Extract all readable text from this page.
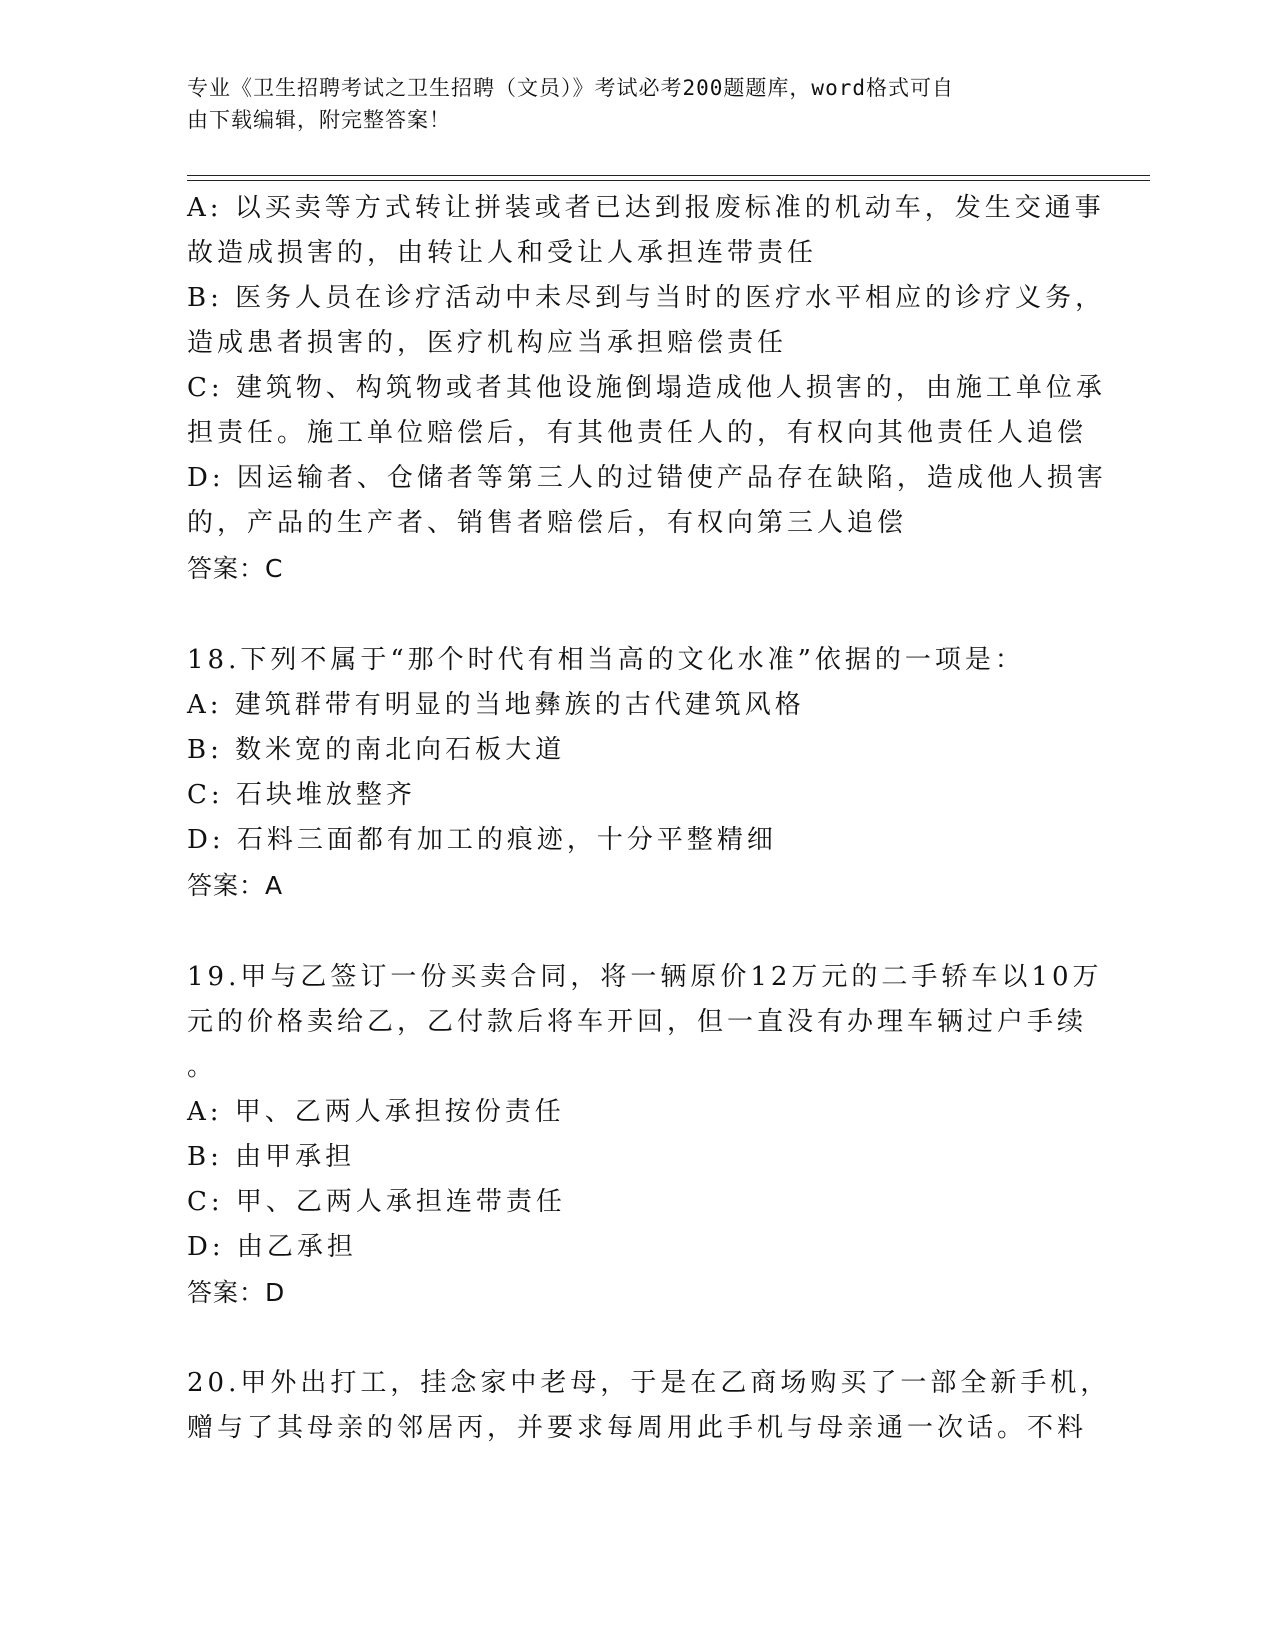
专业《卫生招聘考试之卫生招聘（文员）》考试必考200题题库，word格式可自
由下载编辑，附完整答案！
A: 以买卖等方式转让拼装或者已达到报废标准的机动车，发生交通事
故造成损害的，由转让人和受让人承担连带责任
B: 医务人员在诊疗活动中未尽到与当时的医疗水平相应的诊疗义务，
造成患者损害的，医疗机构应当承担赔偿责任
C: 建筑物、构筑物或者其他设施倒塌造成他人损害的，由施工单位承
担责任。施工单位赔偿后，有其他责任人的，有权向其他责任人追偿
D: 因运输者、仓储者等第三人的过错使产品存在缺陷，造成他人损害
的，产品的生产者、销售者赔偿后，有权向第三人追偿
答案：C
18.下列不属于“那个时代有相当高的文化水准”依据的一项是：
A: 建筑群带有明显的当地彝族的古代建筑风格
B: 数米宽的南北向石板大道
C: 石块堆放整齐
D: 石料三面都有加工的痕迹，十分平整精细
答案：A
19.甲与乙签订一份买卖合同，将一辆原价12万元的二手轿车以10万
元的价格卖给乙，乙付款后将车开回，但一直没有办理车辆过户手续
。
A: 甲、乙两人承担按份责任
B: 由甲承担
C: 甲、乙两人承担连带责任
D: 由乙承担
答案：D
20.甲外出打工，挂念家中老母，于是在乙商场购买了一部全新手机，
赠与了其母亲的邻居丙，并要求每周用此手机与母亲通一次话。不料
